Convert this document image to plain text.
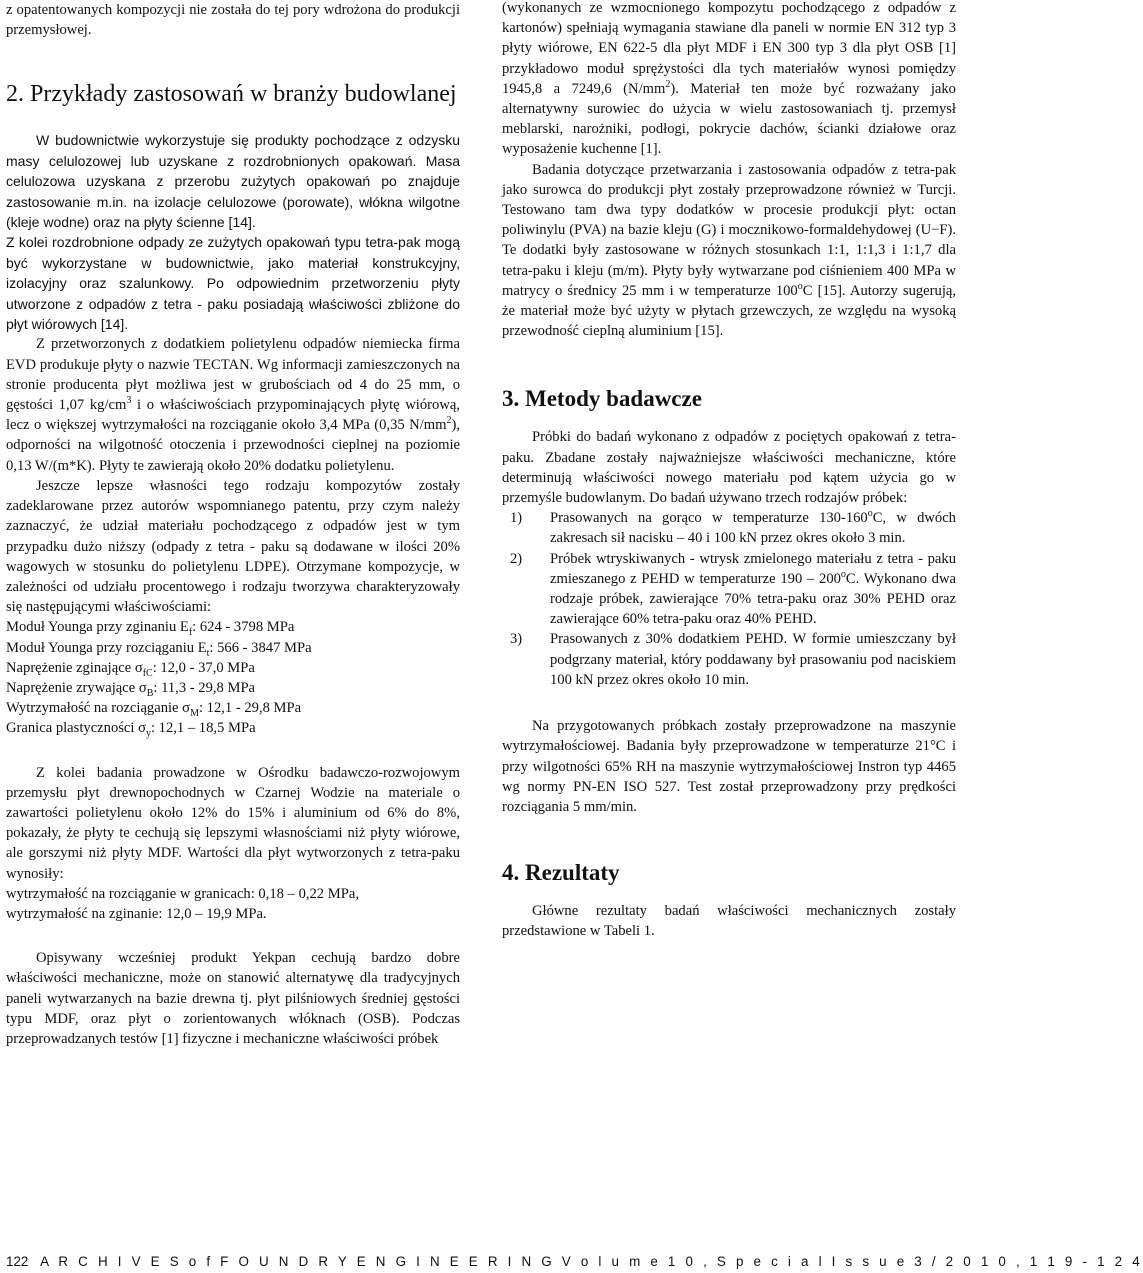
z opatentowanych kompozycji nie została do tej pory wdrożona do produkcji przemysłowej.

2. Przykłady zastosowań w branży budowlanej

W budownictwie wykorzystuje się produkty pochodzące z odzysku masy celulozowej lub uzyskane z rozdrobnionych opakowań. Masa celulozowa uzyskana z przerobu zużytych opakowań po znajduje zastosowanie m.in. na izolacje celulozowe (porowate), włókna wilgotne (kleje wodne) oraz na płyty ścienne [14].

Z kolei rozdrobnione odpady ze zużytych opakowań typu tetra-pak mogą być wykorzystane w budownictwie, jako materiał konstrukcyjny, izolacyjny oraz szalunkowy. Po odpowiednim przetworzeniu płyty utworzone z odpadów z tetra - paku posiadają właściwości zbliżone do płyt wiórowych [14].

Z przetworzonych z dodatkiem polietylenu odpadów niemiecka firma EVD produkuje płyty o nazwie TECTAN. Wg informacji zamieszczonych na stronie producenta płyt możliwa jest w grubościach od 4 do 25 mm, o gęstości 1,07 $kg/cm^3$ i o właściwościach przypominających płytę wiórową, lecz o większej wytrzymałości na rozciąganie około 3,4 MPa (0,35 $N/mm^2$), odporności na wilgotność otoczenia i przewodności cieplnej na poziomie 0,13 W/(m*K). Płyty te zawierają około 20% dodatku polietylenu.

Jeszcze lepsze własności tego rodzaju kompozytów zostały zadeklarowane przez autorów wspomnianego patentu, przy czym należy zaznaczyć, że udział materiału pochodzącego z odpadów jest w tym przypadku dużo niższy (odpady z tetra - paku są dodawane w ilości 20% wagowych w stosunku do polietylenu LDPE). Otrzymane kompozycje, w zależności od udziału procentowego i rodzaju tworzywa charakteryzowały się następującymi właściwościami:

Moduł Younga przy zginaniu $E_f$: 624 - 3798 MPa

Moduł Younga przy rozciąganiu $E_t$: 566 - 3847 MPa

Naprężenie zginające $\sigma_{fC}$: 12,0 - 37,0 MPa

Naprężenie zrywające $\sigma_B$: 11,3 - 29,8 MPa

Wytrzymałość na rozciąganie $\sigma_M$: 12,1 - 29,8 MPa

Granica plastyczności $\sigma_y$: 12,1 – 18,5 MPa

Z kolei badania prowadzone w Ośrodku badawczo-rozwojowym przemysłu płyt drewnopochodnych w Czarnej Wodzie na materiale o zawartości polietylenu około 12% do 15% i aluminium od 6% do 8%, pokazały, że płyty te cechują się lepszymi własnościami niż płyty wiórowe, ale gorszymi niż płyty MDF. Wartości dla płyt wytworzonych z tetra-paku wynosiły:

wytrzymałość na rozciąganie w granicach: 0,18 – 0,22 MPa,

wytrzymałość na zginanie: 12,0 – 19,9 MPa.

Opisywany wcześniej produkt Yekpan cechują bardzo dobre właściwości mechaniczne, może on stanowić alternatywę dla tradycyjnych paneli wytwarzanych na bazie drewna tj. płyt pilśniowych średniej gęstości typu MDF, oraz płyt o zorientowanych włóknach (OSB). Podczas przeprowadzanych testów [1] fizyczne i mechaniczne właściwości próbek

(wykonanych ze wzmocnionego kompozytu pochodzącego z odpadów z kartonów) spełniają wymagania stawiane dla paneli w normie EN 312 typ 3 płyty wiórowe, EN 622-5 dla płyt MDF i EN 300 typ 3 dla płyt OSB [1] przykładowo moduł sprężystości dla tych materiałów wynosi pomiędzy 1945,8 a 7249,6 $(N/mm^2)$. Materiał ten może być rozważany jako alternatywny surowiec do użycia w wielu zastosowaniach tj. przemysł meblarski, narożniki, podłogi, pokrycie dachów, ścianki działowe oraz wyposażenie kuchenne [1].

Badania dotyczące przetwarzania i zastosowania odpadów z tetra-pak jako surowca do produkcji płyt zostały przeprowadzone również w Turcji. Testowano tam dwa typy dodatków w procesie produkcji płyt: octan poliwinylu (PVA) na bazie kleju (G) i mocznikowo-formaldehydowej (U−F). Te dodatki były zastosowane w różnych stosunkach 1:1, 1:1,3 i 1:1,7 dla tetra-paku i kleju (m/m). Płyty były wytwarzane pod ciśnieniem 400 MPa w matrycy o średnicy 25 mm i w temperaturze 100$^o$C [15]. Autorzy sugerują, że materiał może być użyty w płytach grzewczych, ze względu na wysoką przewodność cieplną aluminium [15].

3. Metody badawcze

Próbki do badań wykonano z odpadów z pociętych opakowań z tetra-paku. Zbadane zostały najważniejsze właściwości mechaniczne, które determinują właściwości nowego materiału pod kątem użycia go w przemyśle budowlanym. Do badań używano trzech rodzajów próbek:

1)	Prasowanych na gorąco w temperaturze 130-160$^o$C, w dwóch zakresach sił nacisku – 40 i 100 kN przez okres około 3 min.
2)	Próbek wtryskiwanych - wtrysk zmielonego materiału z tetra - paku zmieszanego z PEHD w temperaturze 190 – 200$^o$C. Wykonano dwa rodzaje próbek, zawierające 70% tetra-paku oraz 30% PEHD oraz zawierające 60% tetra-paku oraz 40% PEHD.
3)	Prasowanych z 30% dodatkiem PEHD. W formie umieszczany był podgrzany materiał, który poddawany był prasowaniu pod naciskiem 100 kN przez okres około 10 min.

Na przygotowanych próbkach zostały przeprowadzone na maszynie wytrzymałościowej. Badania były przeprowadzone w temperaturze 21°C i przy wilgotności 65% RH na maszynie wytrzymałościowej Instron typ 4465 wg normy PN-EN ISO 527. Test został przeprowadzony przy prędkości rozciągania 5 mm/min.

4. Rezultaty

Główne rezultaty badań właściwości mechanicznych zostały przedstawione w Tabeli 1.

122 A R C H I V E S o f F O U N D R Y E N G I N E E R I N G V o l u m e 1 0 , S p e c i a l I s s u e 3 / 2 0 1 0 , 1 1 9 - 1 2 4
